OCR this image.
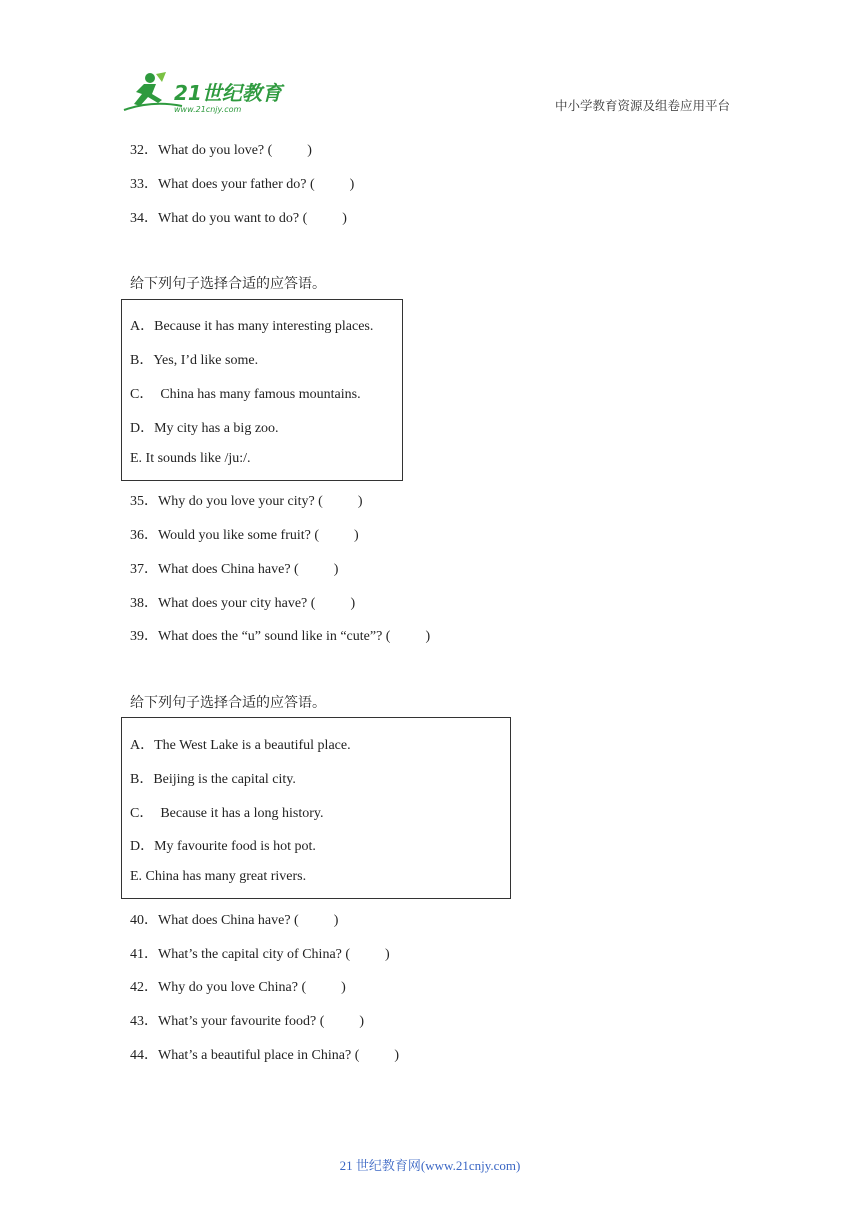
21世纪教育
www.21cnjy.com	中小学教育资源及组卷应用平台
32．What do you love? (          )
33．What does your father do? (          )
34．What do you want to do? (          )
给下列句子选择合适的应答语。
A．Because it has many interesting places.
B．Yes, I’d like some.
C．  China has many famous mountains.
D．My city has a big zoo.
E. It sounds like /ju:/.
35．Why do you love your city? (          )
36．Would you like some fruit? (          )
37．What does China have? (          )
38．What does your city have? (          )
39．What does the “u” sound like in “cute”? (          )
给下列句子选择合适的应答语。
A．The West Lake is a beautiful place.
B．Beijing is the capital city.
C．  Because it has a long history.
D．My favourite food is hot pot.
E. China has many great rivers.
40．What does China have? (          )
41．What’s the capital city of China? (          )
42．Why do you love China? (          )
43．What’s your favourite food? (          )
44．What’s a beautiful place in China? (          )
21 世纪教育网(www.21cnjy.com)
